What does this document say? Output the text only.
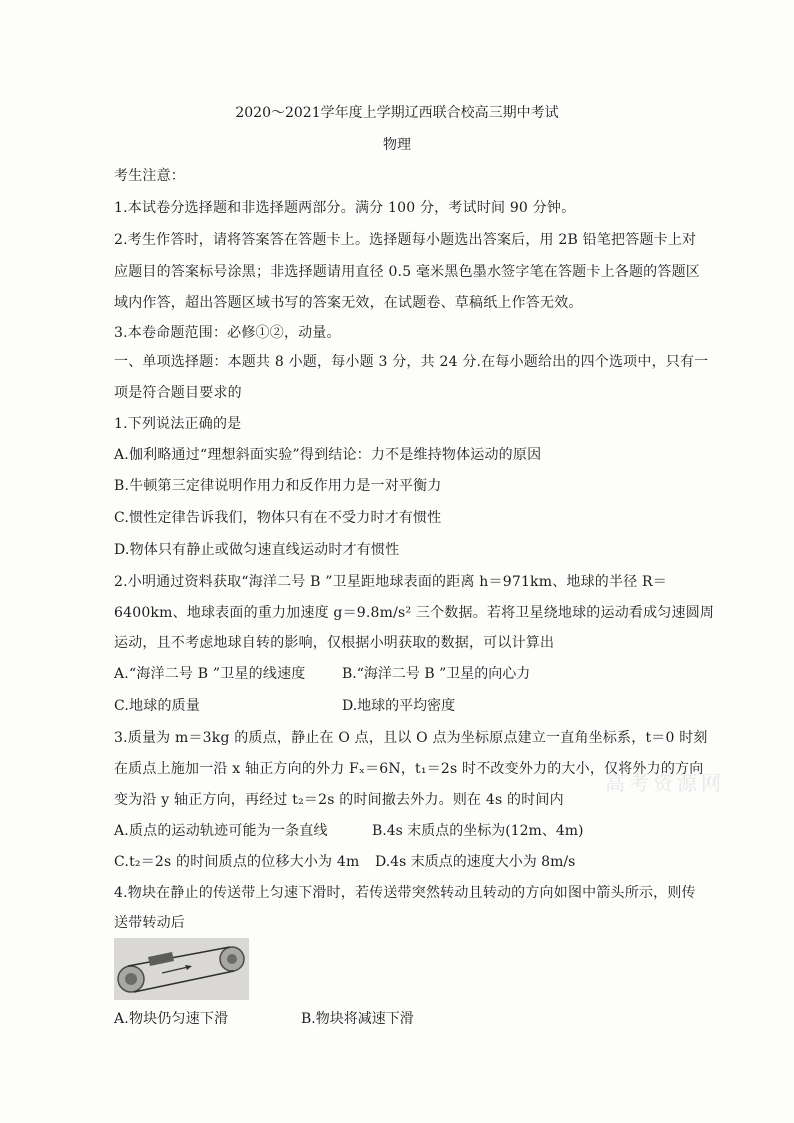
2020～2021学年度上学期辽西联合校高三期中考试
物理
考生注意：
1.本试卷分选择题和非选择题两部分。满分 100 分，考试时间 90 分钟。
2.考生作答时，请将答案答在答题卡上。选择题每小题选出答案后，用 2B 铅笔把答题卡上对
应题目的答案标号涂黑；非选择题请用直径 0.5 毫米黑色墨水签字笔在答题卡上各题的答题区
域内作答，超出答题区域书写的答案无效，在试题卷、草稿纸上作答无效。
3.本卷命题范围：必修①②，动量。
一、单项选择题：本题共 8 小题，每小题 3 分，共 24 分.在每小题给出的四个选项中，只有一
项是符合题目要求的
1.下列说法正确的是
A.伽利略通过“理想斜面实验”得到结论：力不是维持物体运动的原因
B.牛顿第三定律说明作用力和反作用力是一对平衡力
C.惯性定律告诉我们，物体只有在不受力时才有惯性
D.物体只有静止或做匀速直线运动时才有惯性
2.小明通过资料获取“海洋二号 B ”卫星距地球表面的距离 h＝971km、地球的半径 R＝
6400km、地球表面的重力加速度 g＝9.8m/s² 三个数据。若将卫星绕地球的运动看成匀速圆周
运动，且不考虑地球自转的影响，仅根据小明获取的数据，可以计算出
A.“海洋二号 B ”卫星的线速度	B.“海洋二号 B ”卫星的向心力
C.地球的质量	D.地球的平均密度
3.质量为 m＝3kg 的质点，静止在 O 点，且以 O 点为坐标原点建立一直角坐标系，t＝0 时刻
在质点上施加一沿 x 轴正方向的外力 Fₓ＝6N，t₁＝2s 时不改变外力的大小，仅将外力的方向
变为沿 y 轴正方向，再经过 t₂＝2s 的时间撤去外力。则在 4s 的时间内
A.质点的运动轨迹可能为一条直线	B.4s 末质点的坐标为(12m、4m)
C.t₂＝2s 的时间质点的位移大小为 4m D.4s 末质点的速度大小为 8m/s
4.物块在静止的传送带上匀速下滑时，若传送带突然转动且转动的方向如图中箭头所示，则传
送带转动后
A.物块仍匀速下滑	B.物块将减速下滑
高考资源网
